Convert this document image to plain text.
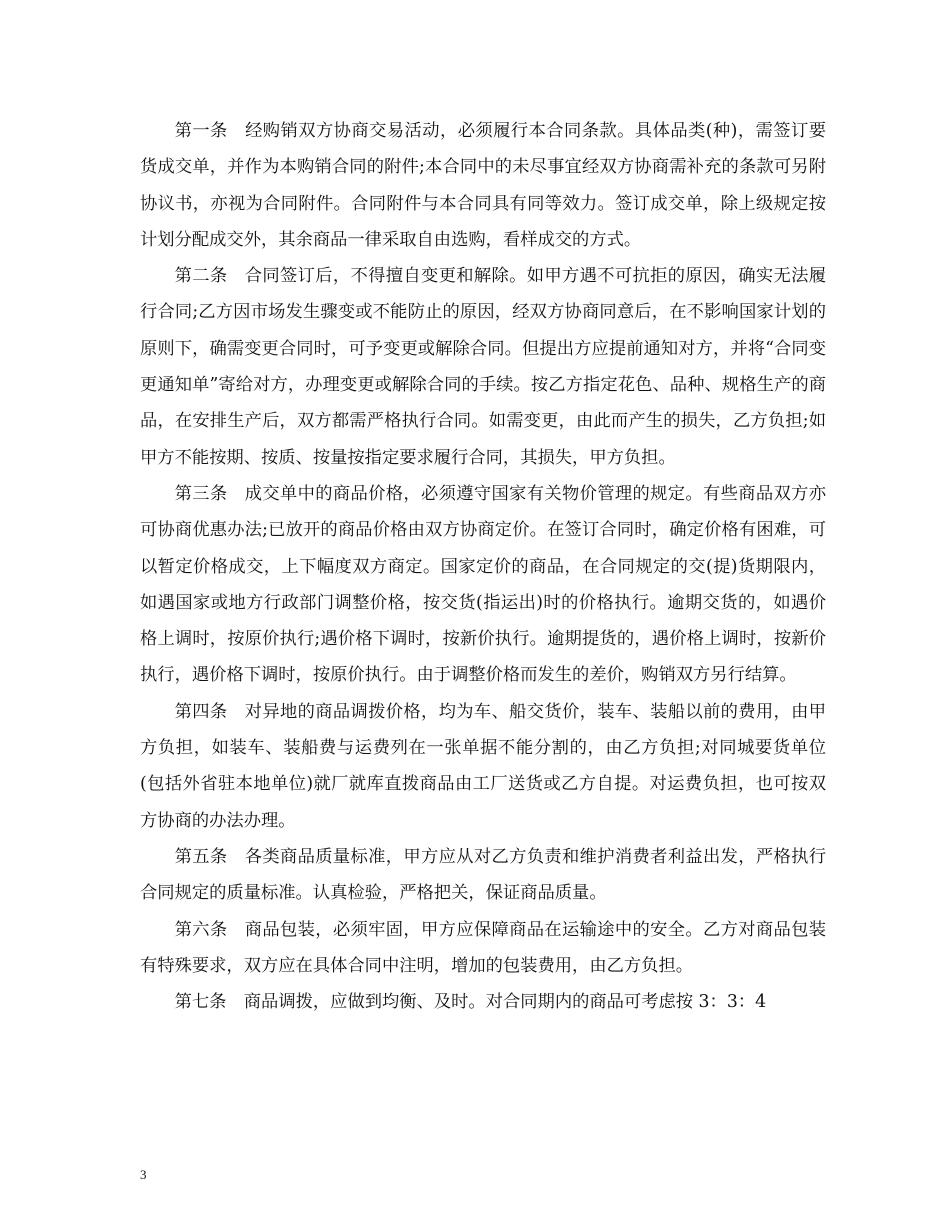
第一条 经购销双方协商交易活动，必须履行本合同条款。具体品类(种)，需签订要货成交单，并作为本购销合同的附件;本合同中的未尽事宜经双方协商需补充的条款可另附协议书，亦视为合同附件。合同附件与本合同具有同等效力。签订成交单，除上级规定按计划分配成交外，其余商品一律采取自由选购，看样成交的方式。

第二条 合同签订后，不得擅自变更和解除。如甲方遇不可抗拒的原因，确实无法履行合同;乙方因市场发生骤变或不能防止的原因，经双方协商同意后，在不影响国家计划的原则下，确需变更合同时，可予变更或解除合同。但提出方应提前通知对方，并将“合同变更通知单”寄给对方，办理变更或解除合同的手续。按乙方指定花色、品种、规格生产的商品，在安排生产后，双方都需严格执行合同。如需变更，由此而产生的损失，乙方负担;如甲方不能按期、按质、按量按指定要求履行合同，其损失，甲方负担。

第三条 成交单中的商品价格，必须遵守国家有关物价管理的规定。有些商品双方亦可协商优惠办法;已放开的商品价格由双方协商定价。在签订合同时，确定价格有困难，可以暂定价格成交，上下幅度双方商定。国家定价的商品，在合同规定的交(提)货期限内，如遇国家或地方行政部门调整价格，按交货(指运出)时的价格执行。逾期交货的，如遇价格上调时，按原价执行;遇价格下调时，按新价执行。逾期提货的，遇价格上调时，按新价执行，遇价格下调时，按原价执行。由于调整价格而发生的差价，购销双方另行结算。

第四条 对异地的商品调拨价格，均为车、船交货价，装车、装船以前的费用，由甲方负担，如装车、装船费与运费列在一张单据不能分割的，由乙方负担;对同城要货单位(包括外省驻本地单位)就厂就库直拨商品由工厂送货或乙方自提。对运费负担，也可按双方协商的办法办理。

第五条 各类商品质量标准，甲方应从对乙方负责和维护消费者利益出发，严格执行合同规定的质量标准。认真检验，严格把关，保证商品质量。

第六条 商品包装，必须牢固，甲方应保障商品在运输途中的安全。乙方对商品包装有特殊要求，双方应在具体合同中注明，增加的包装费用，由乙方负担。

第七条 商品调拨，应做到均衡、及时。对合同期内的商品可考虑按 3：3：4

3
